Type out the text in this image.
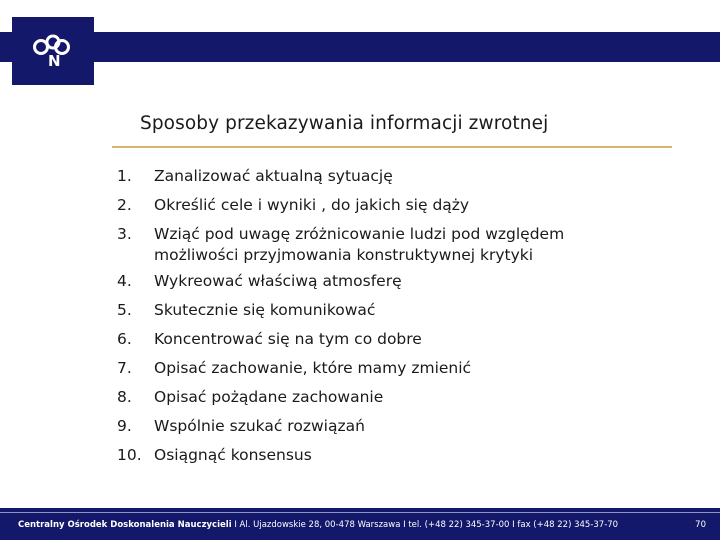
N
Sposoby przekazywania informacji zwrotnej
1. Zanalizować aktualną sytuację
2. Określić cele i wyniki , do jakich się dąży
3. Wziąć pod uwagę zróżnicowanie ludzi pod względem
możliwości przyjmowania konstruktywnej krytyki
4. Wykreować właściwą atmosferę
5. Skutecznie się komunikować
6. Koncentrować się na tym co dobre
7. Opisać zachowanie, które mamy zmienić
8. Opisać pożądane zachowanie
9. Wspólnie szukać rozwiązań
10. Osiągnąć konsensus
Centralny Ośrodek Doskonalenia Nauczycieli I Al. Ujazdowskie 28, 00-478 Warszawa I tel. (+48 22) 345-37-00 I fax (+48 22) 345-37-70	70
